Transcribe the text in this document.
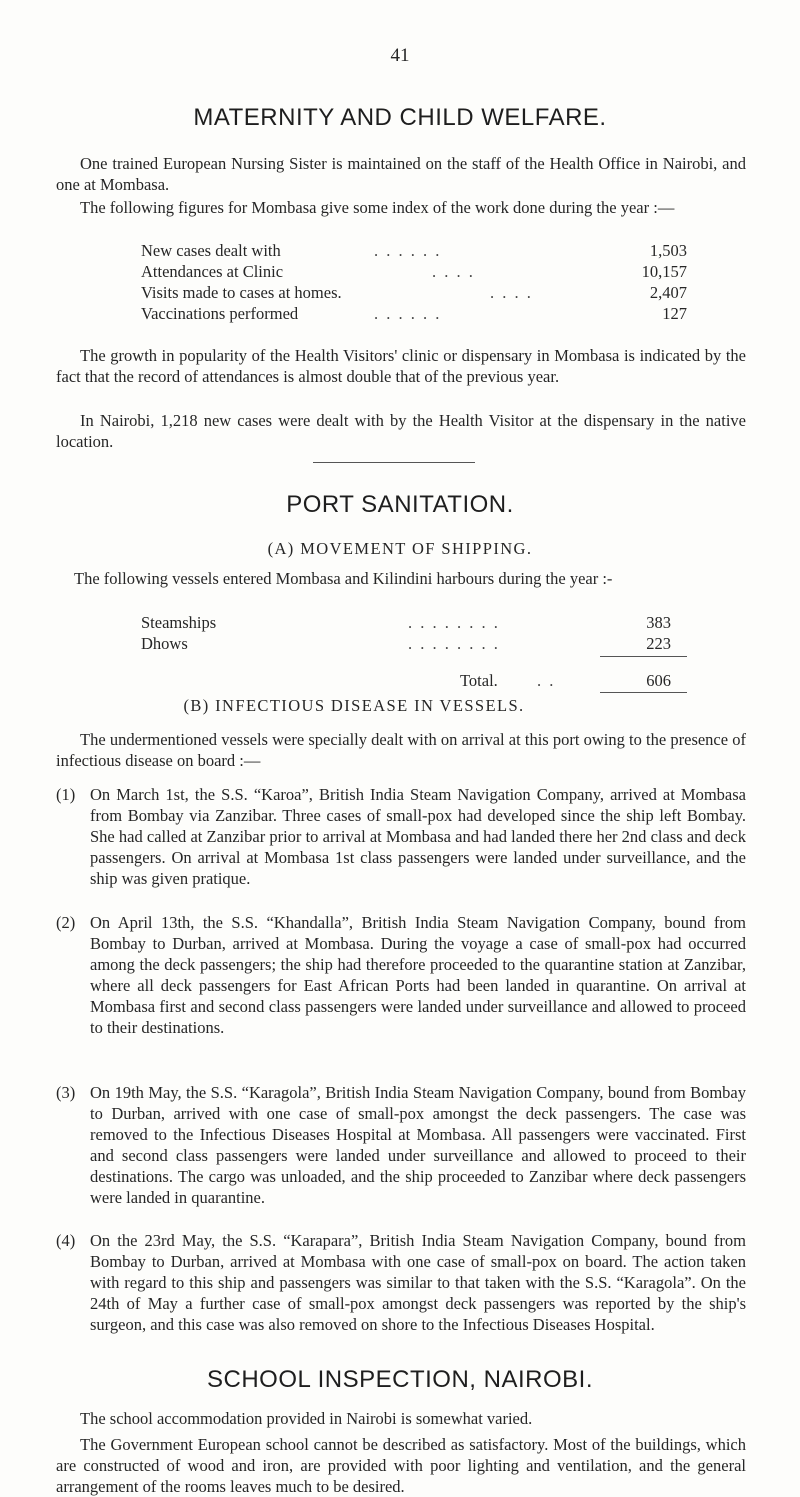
41
MATERNITY AND CHILD WELFARE.
One trained European Nursing Sister is maintained on the staff of the Health Office in Nairobi, and one at Mombasa.
The following figures for Mombasa give some index of the work done during the year :—
New cases dealt with	. . . . . .	1,503
Attendances at Clinic	. . . .	10,157
Visits made to cases at homes.	. . . .	2,407
Vaccinations performed	. . . . . .	127
The growth in popularity of the Health Visitors' clinic or dispensary in Mombasa is indicated by the fact that the record of attendances is almost double that of the previous year.
In Nairobi, 1,218 new cases were dealt with by the Health Visitor at the dispensary in the native location.
PORT SANITATION.
(A) MOVEMENT OF SHIPPING.
The following vessels entered Mombasa and Kilindini harbours during the year :-
Steamships	. . . . . . . .	383
Dhows	. . . . . . . .	223
Total. . .	606
(B) INFECTIOUS DISEASE IN VESSELS.
The undermentioned vessels were specially dealt with on arrival at this port owing to the presence of infectious disease on board :—
(1) On March 1st, the S.S. “Karoa”, British India Steam Navigation Company, arrived at Mombasa from Bombay via Zanzibar. Three cases of small-pox had developed since the ship left Bombay. She had called at Zanzibar prior to arrival at Mombasa and had landed there her 2nd class and deck passengers. On arrival at Mombasa 1st class passengers were landed under surveillance, and the ship was given pratique.
(2) On April 13th, the S.S. “Khandalla”, British India Steam Navigation Company, bound from Bombay to Durban, arrived at Mombasa. During the voyage a case of small-pox had occurred among the deck passengers; the ship had therefore proceeded to the quarantine station at Zanzibar, where all deck passengers for East African Ports had been landed in quarantine. On arrival at Mombasa first and second class passengers were landed under surveillance and allowed to proceed to their destinations.
(3) On 19th May, the S.S. “Karagola”, British India Steam Navigation Company, bound from Bombay to Durban, arrived with one case of small-pox amongst the deck passengers. The case was removed to the Infectious Diseases Hospital at Mombasa. All passengers were vaccinated. First and second class passengers were landed under surveillance and allowed to proceed to their destinations. The cargo was unloaded, and the ship proceeded to Zanzibar where deck passengers were landed in quarantine.
(4) On the 23rd May, the S.S. “Karapara”, British India Steam Navigation Company, bound from Bombay to Durban, arrived at Mombasa with one case of small-pox on board. The action taken with regard to this ship and passengers was similar to that taken with the S.S. “Karagola”. On the 24th of May a further case of small-pox amongst deck passengers was reported by the ship's surgeon, and this case was also removed on shore to the Infectious Diseases Hospital.
SCHOOL INSPECTION, NAIROBI.
The school accommodation provided in Nairobi is somewhat varied.
The Government European school cannot be described as satisfactory. Most of the buildings, which are constructed of wood and iron, are provided with poor lighting and ventilation, and the general arrangement of the rooms leaves much to be desired.
